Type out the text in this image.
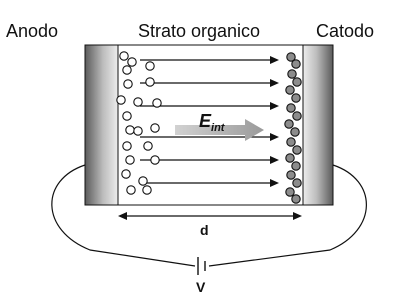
Anodo	Strato organico	Catodo
V
$E_{int}$
d
